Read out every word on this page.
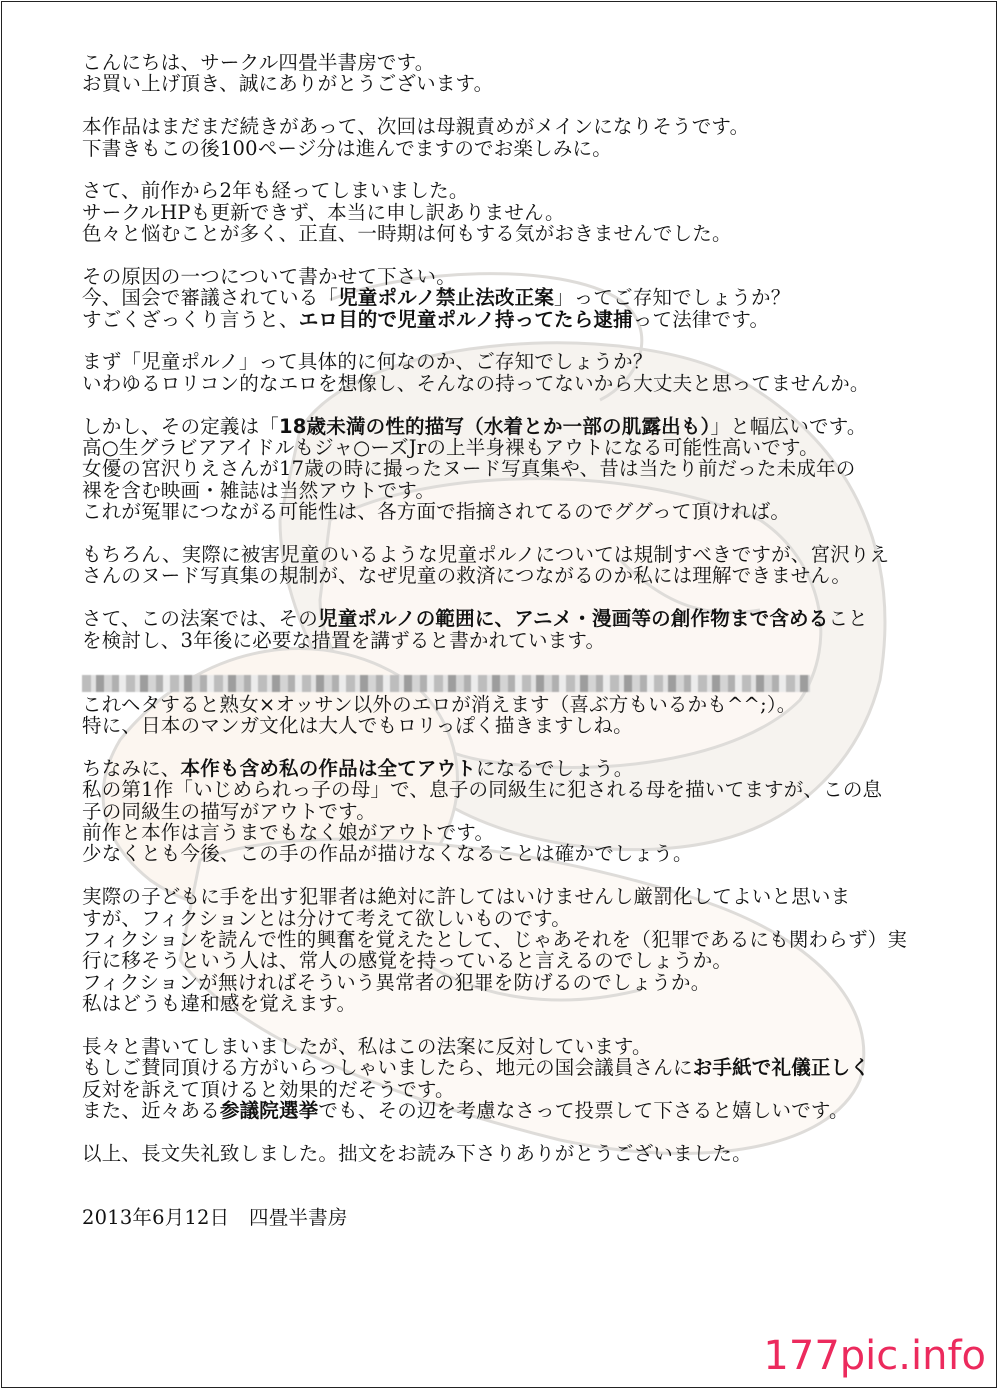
こんにちは、サークル四畳半書房です。
お買い上げ頂き、誠にありがとうございます。
本作品はまだまだ続きがあって、次回は母親責めがメインになりそうです。
下書きもこの後100ページ分は進んでますのでお楽しみに。
さて、前作から2年も経ってしまいました。
サークルHPも更新できず、本当に申し訳ありません。
色々と悩むことが多く、正直、一時期は何もする気がおきませんでした。
その原因の一つについて書かせて下さい。
今、国会で審議されている「児童ポルノ禁止法改正案」ってご存知でしょうか？
すごくざっくり言うと、エロ目的で児童ポルノ持ってたら逮捕って法律です。
まず「児童ポルノ」って具体的に何なのか、ご存知でしょうか？
いわゆるロリコン的なエロを想像し、そんなの持ってないから大丈夫と思ってませんか。
しかし、その定義は「18歳未満の性的描写（水着とか一部の肌露出も）」と幅広いです。
高○生グラビアアイドルもジャ○ーズJrの上半身裸もアウトになる可能性高いです。
女優の宮沢りえさんが17歳の時に撮ったヌード写真集や、昔は当たり前だった未成年の
裸を含む映画・雑誌は当然アウトです。
これが冤罪につながる可能性は、各方面で指摘されてるのでググって頂ければ。
もちろん、実際に被害児童のいるような児童ポルノについては規制すべきですが、宮沢りえ
さんのヌード写真集の規制が、なぜ児童の救済につながるのか私には理解できません。
さて、この法案では、その児童ポルノの範囲に、アニメ・漫画等の創作物まで含めること
を検討し、3年後に必要な措置を講ずると書かれています。
これヘタすると熟女×オッサン以外のエロが消えます（喜ぶ方もいるかも^^;）。
特に、日本のマンガ文化は大人でもロリっぽく描きますしね。
ちなみに、本作も含め私の作品は全てアウトになるでしょう。
私の第1作「いじめられっ子の母」で、息子の同級生に犯される母を描いてますが、この息
子の同級生の描写がアウトです。
前作と本作は言うまでもなく娘がアウトです。
少なくとも今後、この手の作品が描けなくなることは確かでしょう。
実際の子どもに手を出す犯罪者は絶対に許してはいけませんし厳罰化してよいと思いま
すが、フィクションとは分けて考えて欲しいものです。
フィクションを読んで性的興奮を覚えたとして、じゃあそれを（犯罪であるにも関わらず）実
行に移そうという人は、常人の感覚を持っていると言えるのでしょうか。
フィクションが無ければそういう異常者の犯罪を防げるのでしょうか。
私はどうも違和感を覚えます。
長々と書いてしまいましたが、私はこの法案に反対しています。
もしご賛同頂ける方がいらっしゃいましたら、地元の国会議員さんにお手紙で礼儀正しく
反対を訴えて頂けると効果的だそうです。
また、近々ある参議院選挙でも、その辺を考慮なさって投票して下さると嬉しいです。
以上、長文失礼致しました。拙文をお読み下さりありがとうございました。
2013年6月12日　四畳半書房
177pic.info
